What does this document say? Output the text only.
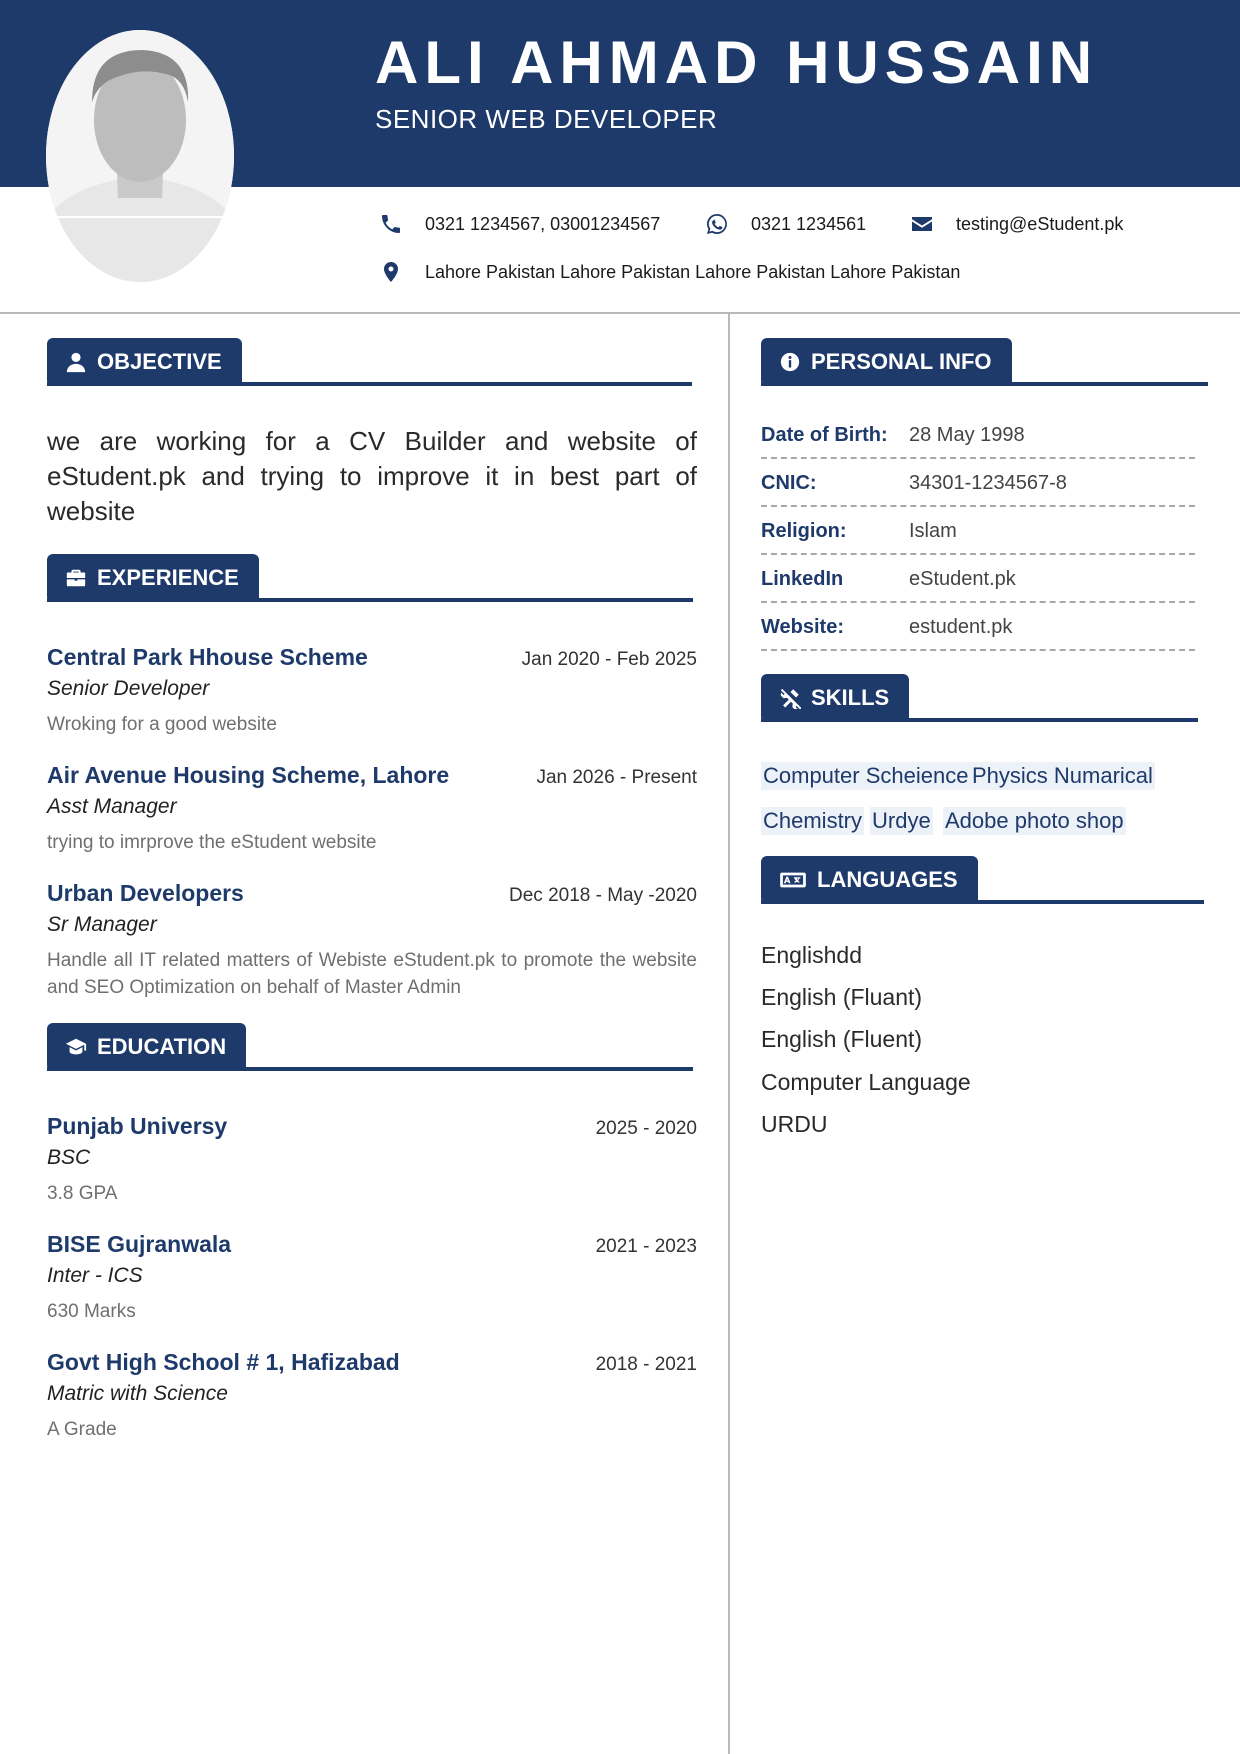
ALI AHMAD HUSSAIN
SENIOR WEB DEVELOPER
0321 1234567, 03001234567	0321 1234561	testing@eStudent.pk
Lahore Pakistan Lahore Pakistan Lahore Pakistan Lahore Pakistan
OBJECTIVE
we are working for a CV Builder and website of eStudent.pk and trying to improve it in best part of website
EXPERIENCE
Central Park Hhouse Scheme	Jan 2020 - Feb 2025
Senior Developer
Wroking for a good website
Air Avenue Housing Scheme, Lahore	Jan 2026 - Present
Asst Manager
trying to imrprove the eStudent website
Urban Developers	Dec 2018 - May -2020
Sr Manager
Handle all IT related matters of Webiste eStudent.pk to promote the website and SEO Optimization on behalf of Master Admin
EDUCATION
Punjab Universy	2025 - 2020
BSC
3.8 GPA
BISE Gujranwala	2021 - 2023
Inter - ICS
630 Marks
Govt High School # 1, Hafizabad	2018 - 2021
Matric with Science
A Grade
PERSONAL INFO
Date of Birth: 28 May 1998
CNIC:	34301-1234567-8
Religion:	Islam
LinkedIn	eStudent.pk
Website:	estudent.pk
SKILLS
Computer Scheience Physics Numarical
Chemistry Urdye Adobe photo shop
LANGUAGES
Englishdd
English (Fluant)
English (Fluent)
Computer Language
URDU
